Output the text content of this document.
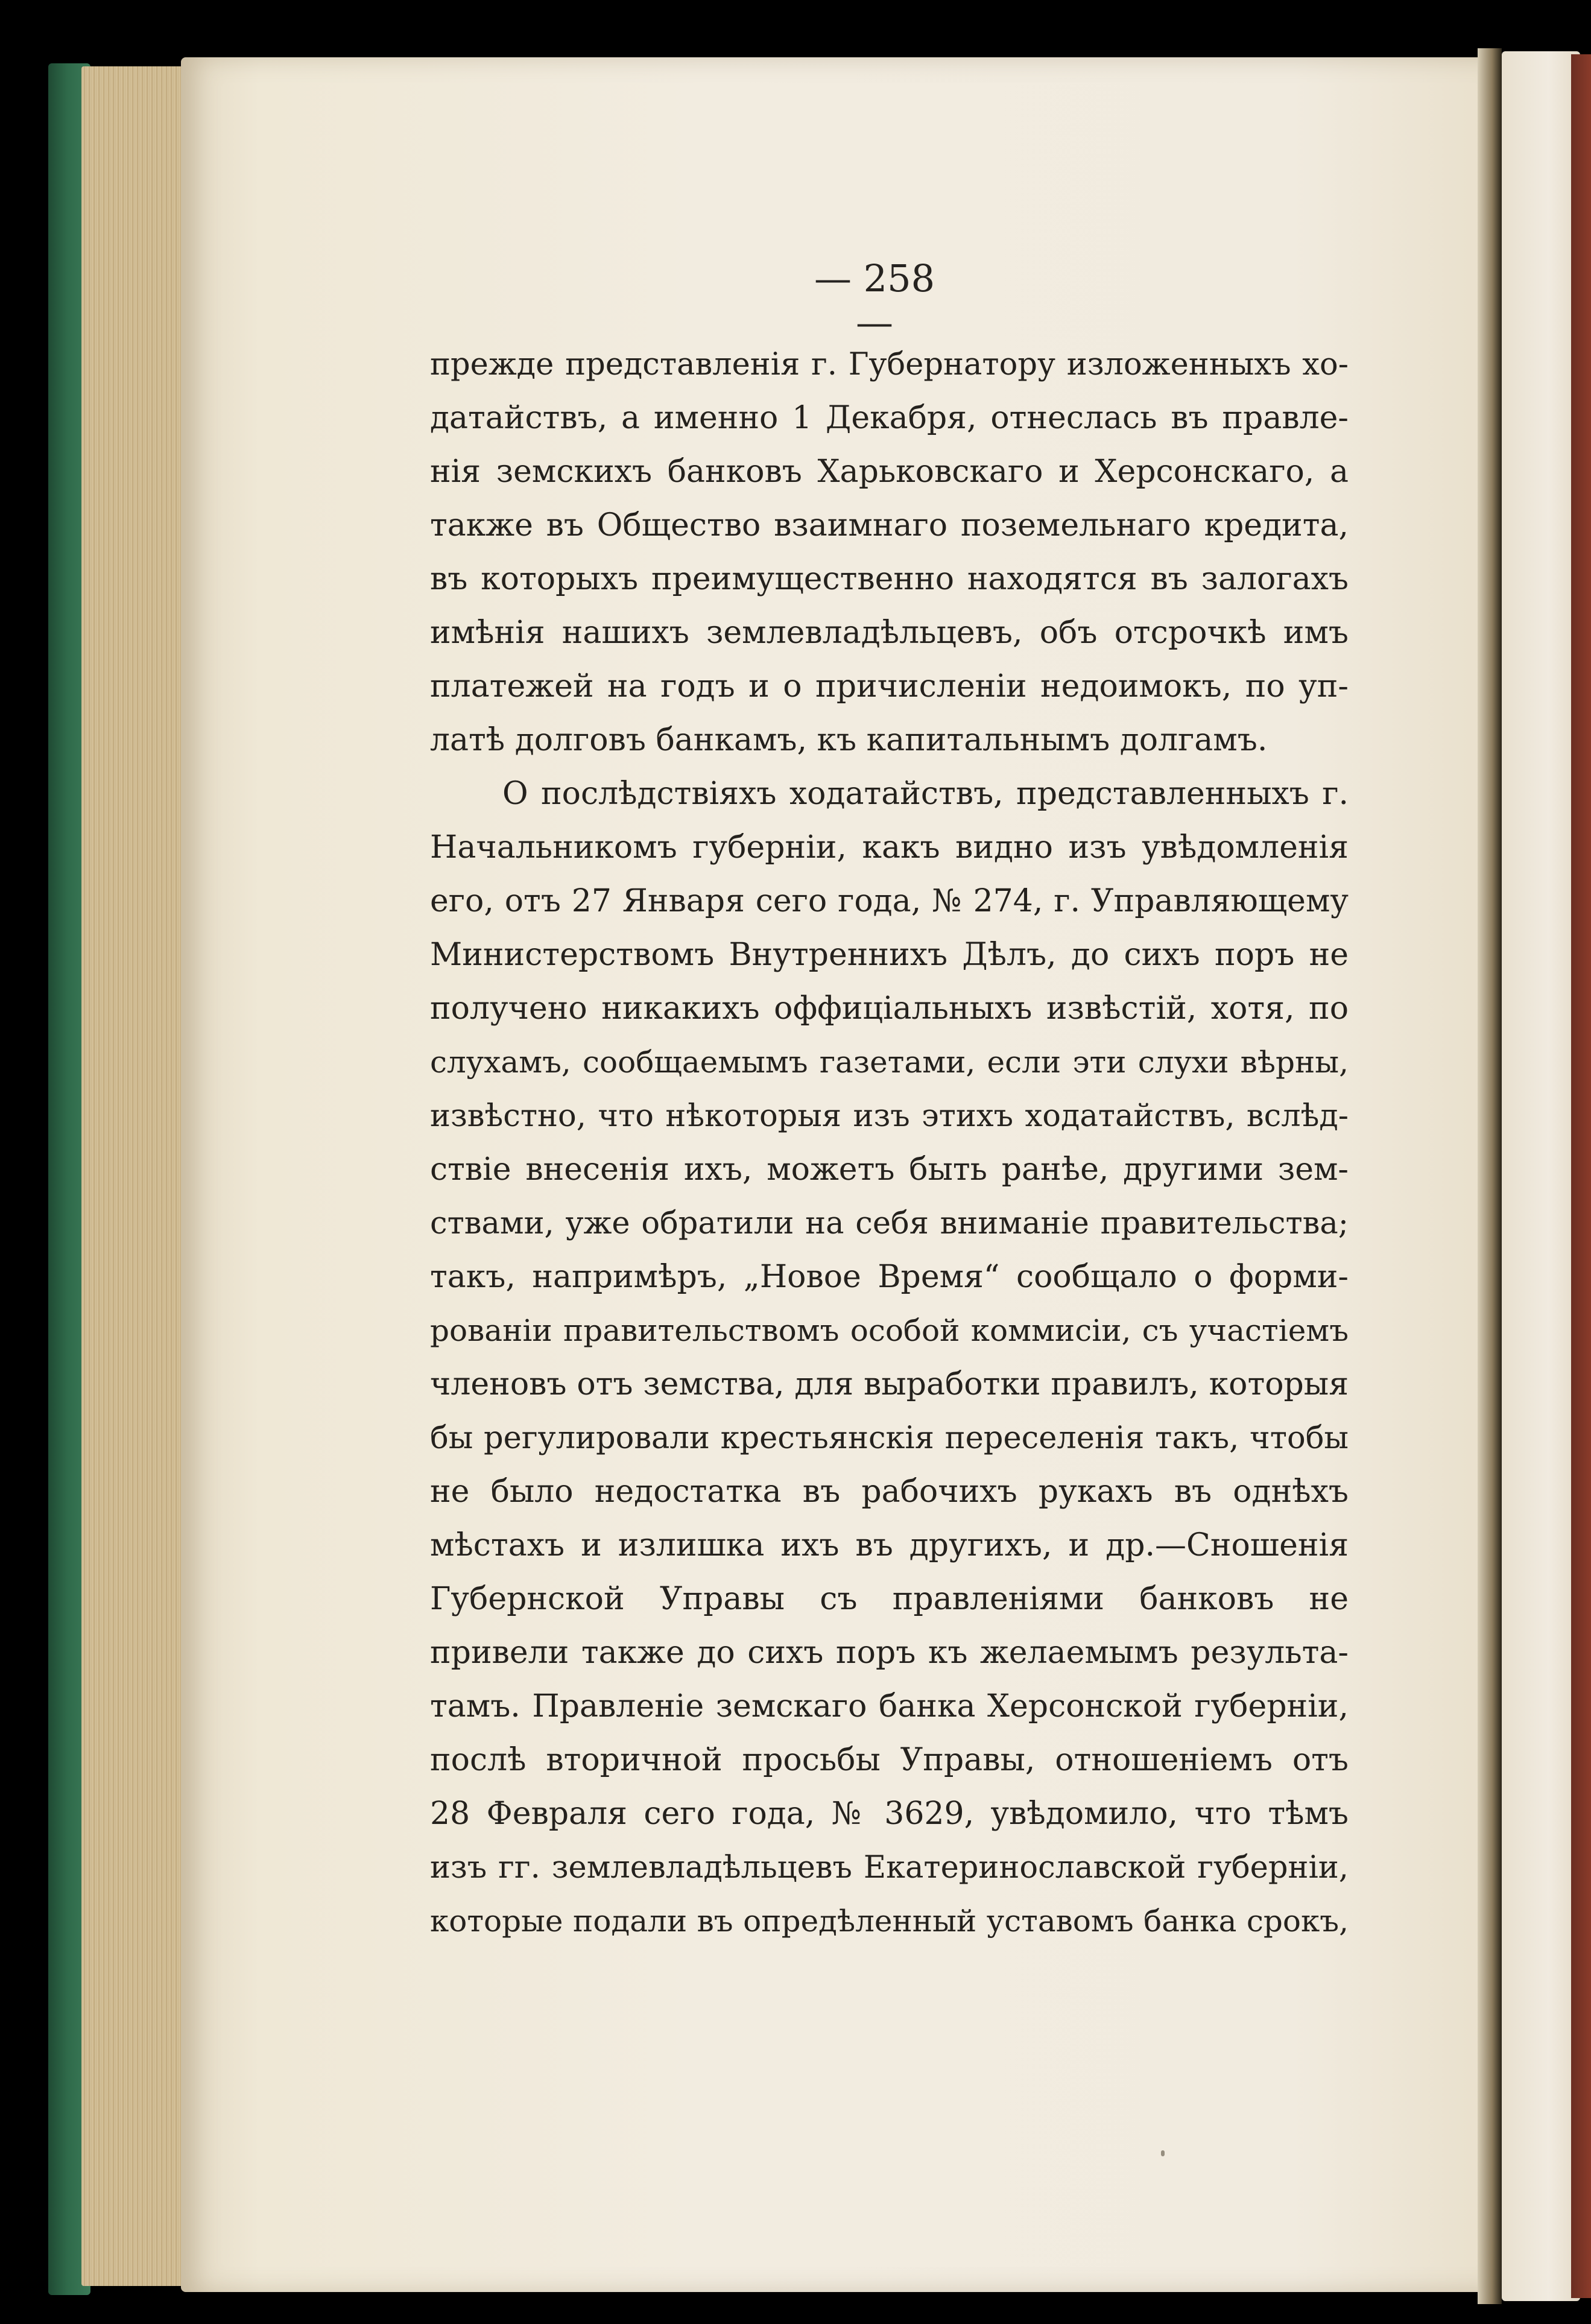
— 258 —
прежде представленія г. Губернатору изложенныхъ хо-
датайствъ, а именно 1 Декабря, отнеслась въ правле-
нія земскихъ банковъ Харьковскаго и Херсонскаго, а
также въ Общество взаимнаго поземельнаго кредита,
въ которыхъ преимущественно находятся въ залогахъ
имѣнія нашихъ землевладѣльцевъ, объ отсрочкѣ имъ
платежей на годъ и о причисленіи недоимокъ, по уп-
латѣ долговъ банкамъ, къ капитальнымъ долгамъ.
О послѣдствіяхъ ходатайствъ, представленныхъ г.
Начальникомъ губерніи, какъ видно изъ увѣдомленія
его, отъ 27 Января сего года, № 274, г. Управляющему
Министерствомъ Внутреннихъ Дѣлъ, до сихъ поръ не
получено никакихъ оффиціальныхъ извѣстій, хотя, по
слухамъ, сообщаемымъ газетами, если эти слухи вѣрны,
извѣстно, что нѣкоторыя изъ этихъ ходатайствъ, вслѣд-
ствіе внесенія ихъ, можетъ быть ранѣе, другими зем-
ствами, уже обратили на себя вниманіе правительства;
такъ, напримѣръ, „Новое Время“ сообщало о форми-
рованіи правительствомъ особой коммисіи, съ участіемъ
членовъ отъ земства, для выработки правилъ, которыя
бы регулировали крестьянскія переселенія такъ, чтобы
не было недостатка въ рабочихъ рукахъ въ однѣхъ
мѣстахъ и излишка ихъ въ другихъ, и др.—Сношенія
Губернской Управы съ правленіями банковъ не
привели также до сихъ поръ къ желаемымъ результа-
тамъ. Правленіе земскаго банка Херсонской губерніи,
послѣ вторичной просьбы Управы, отношеніемъ отъ
28 Февраля сего года, № 3629, увѣдомило, что тѣмъ
изъ гг. землевладѣльцевъ Екатеринославской губерніи,
которые подали въ опредѣленный уставомъ банка срокъ,
